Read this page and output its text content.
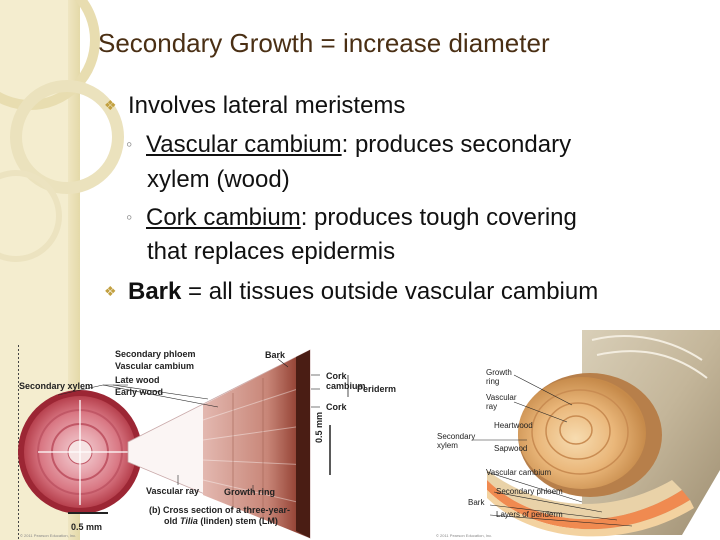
Secondary Growth = increase diameter
❖ Involves lateral meristems
◦ Vascular cambium: produces secondary
xylem (wood)
◦ Cork cambium: produces tough covering
that replaces epidermis
❖ Bark = all tissues outside vascular cambium
Secondary phloem
Vascular cambium
Secondary xylem
Late wood
Early wood
Bark
Cork
cambium
Periderm
Cork
0.5 mm
Vascular ray	Growth ring
0.5 mm
(b) Cross section of a three-year-
old Tilia (linden) stem (LM)
© 2011 Pearson Education, Inc.
Growth
ring
Vascular
ray
Heartwood
Secondary
xylem	Sapwood
Vascular cambium
Secondary phloem
Bark
Layers of periderm
© 2011 Pearson Education, Inc.
